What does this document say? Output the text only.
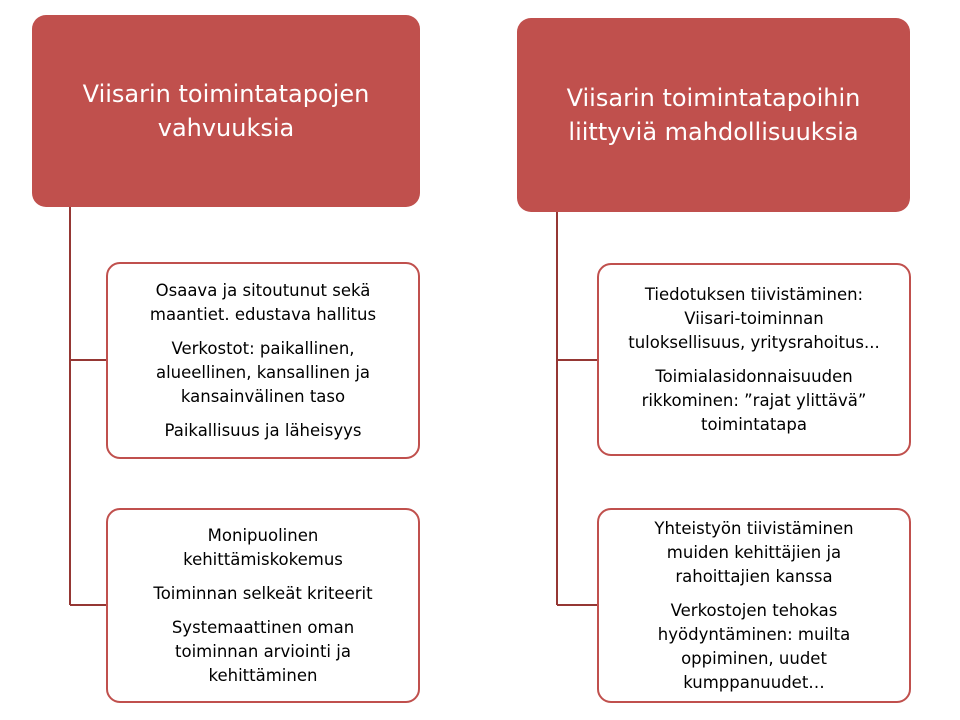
Viisarin toimintatapojen
vahvuuksia
Viisarin toimintatapoihin
liittyviä mahdollisuuksia

Osaava ja sitoutunut sekä
maantiet. edustava hallitus

Verkostot: paikallinen,
alueellinen, kansallinen ja
kansainvälinen taso

Paikallisuus ja läheisyys

Monipuolinen
kehittämiskokemus

Toiminnan selkeät kriteerit

Systemaattinen oman
toiminnan arviointi ja
kehittäminen

Tiedotuksen tiivistäminen:
Viisari-toiminnan
tuloksellisuus, yritysrahoitus...

Toimialasidonnaisuuden
rikkominen: ”rajat ylittävä”
toimintatapa

Yhteistyön tiivistäminen
muiden kehittäjien ja
rahoittajien kanssa

Verkostojen tehokas
hyödyntäminen: muilta
oppiminen, uudet
kumppanuudet…
